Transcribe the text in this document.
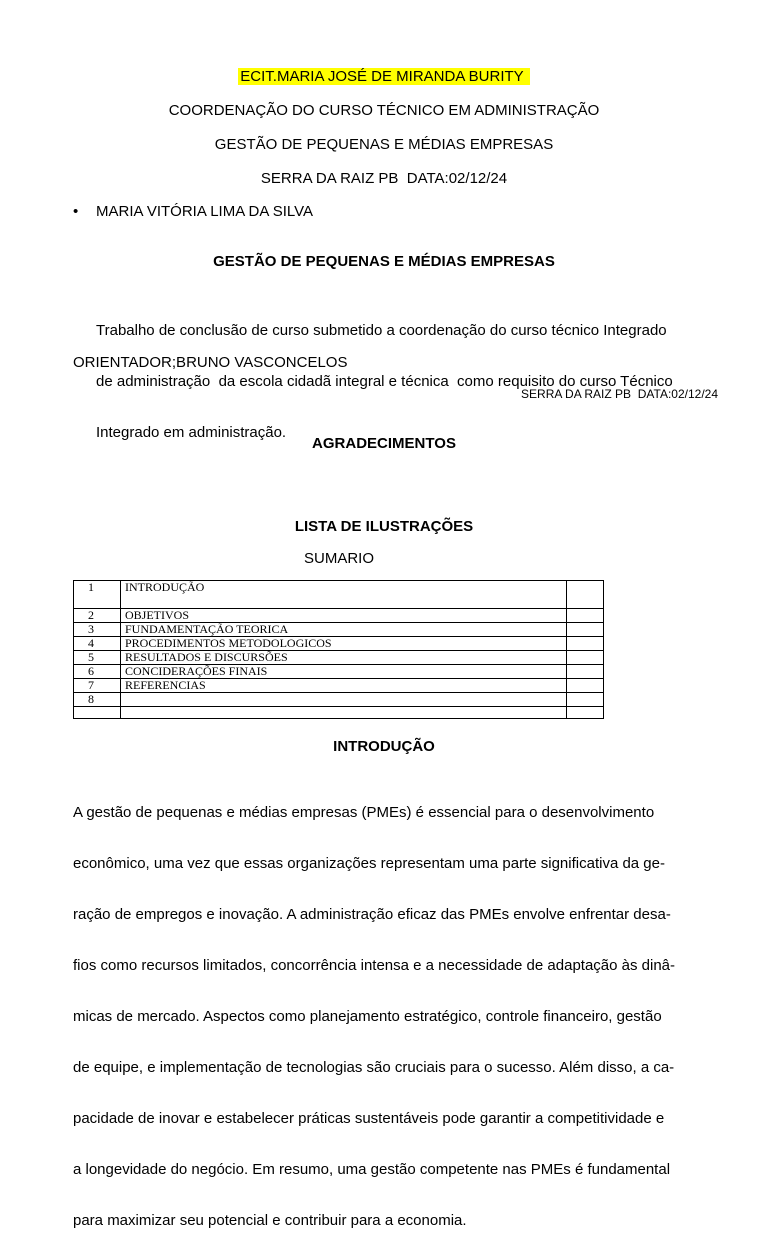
ECIT.MARIA JOSÉ DE MIRANDA BURITY
COORDENAÇÃO DO CURSO TÉCNICO EM ADMINISTRAÇÃO
GESTÃO DE PEQUENAS E MÉDIAS EMPRESAS
SERRA DA RAIZ PB  DATA:02/12/24
• MARIA VITÓRIA LIMA DA SILVA
GESTÃO DE PEQUENAS E MÉDIAS EMPRESAS

Trabalho de conclusão de curso submetido a coordenação do curso técnico Integrado

de administração  da escola cidadã integral e técnica  como requisito do curso Técnico

Integrado em administração.

ORIENTADOR;BRUNO VASCONCELOS
SERRA DA RAIZ PB  DATA:02/12/24
AGRADECIMENTOS
LISTA DE ILUSTRAÇÕES
SUMARIO
1	INTRODUÇÃO	
2	OBJETIVOS	
3	FUNDAMENTAÇÃO TEORICA	
4	PROCEDIMENTOS METODOLOGICOS	
5	RESULTADOS E DISCURSÕES	
6	CONCIDERAÇÕES FINAIS	
7	REFERENCIAS	
8		

INTRODUÇÃO

A gestão de pequenas e médias empresas (PMEs) é essencial para o desenvolvimento

econômico, uma vez que essas organizações representam uma parte significativa da ge-

ração de empregos e inovação. A administração eficaz das PMEs envolve enfrentar desa-

fios como recursos limitados, concorrência intensa e a necessidade de adaptação às dinâ-

micas de mercado. Aspectos como planejamento estratégico, controle financeiro, gestão

de equipe, e implementação de tecnologias são cruciais para o sucesso. Além disso, a ca-

pacidade de inovar e estabelecer práticas sustentáveis pode garantir a competitividade e

a longevidade do negócio. Em resumo, uma gestão competente nas PMEs é fundamental

para maximizar seu potencial e contribuir para a economia.
